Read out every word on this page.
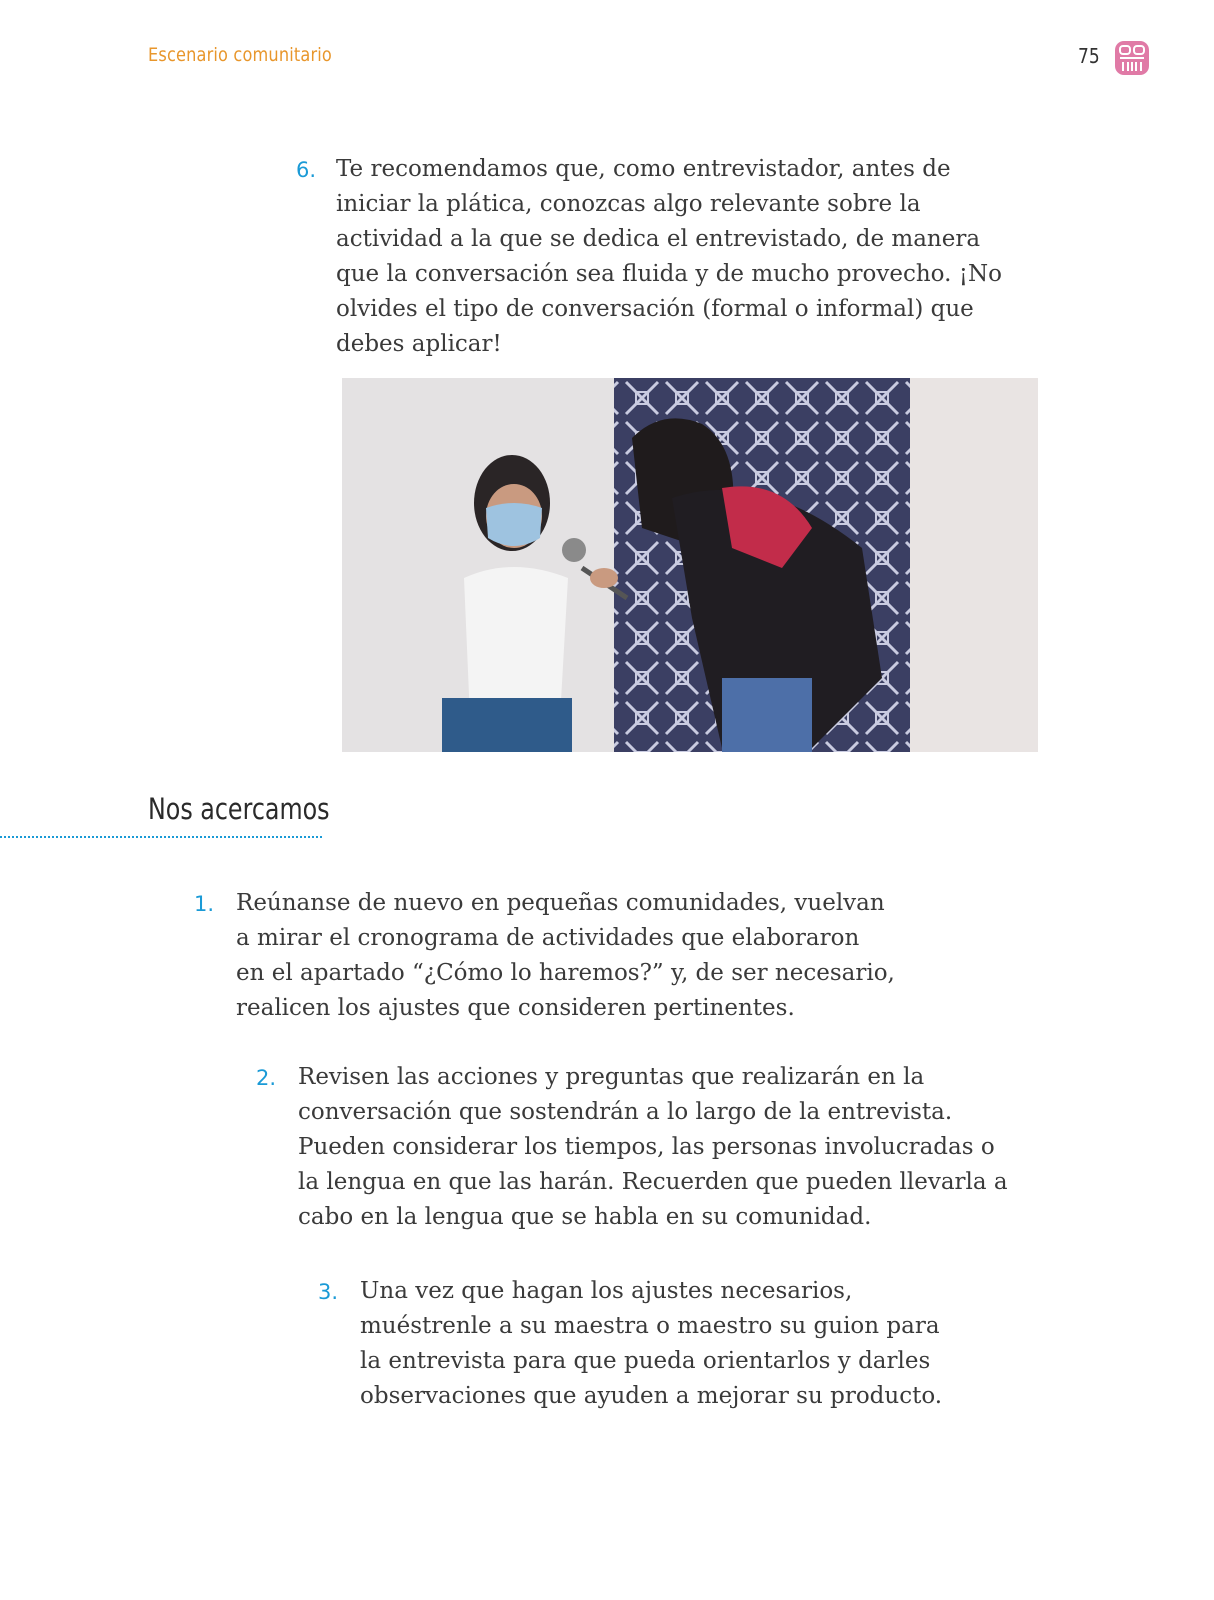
Escenario comunitario	75
6. Te recomendamos que, como entrevistador, antes de
iniciar la plática, conozcas algo relevante sobre la
actividad a la que se dedica el entrevistado, de manera
que la conversación sea fluida y de mucho provecho. ¡No
olvides el tipo de conversación (formal o informal) que
debes aplicar!
Nos acercamos
1. Reúnanse de nuevo en pequeñas comunidades, vuelvan
a mirar el cronograma de actividades que elaboraron
en el apartado “¿Cómo lo haremos?” y, de ser necesario,
realicen los ajustes que consideren pertinentes.
2. Revisen las acciones y preguntas que realizarán en la
conversación que sostendrán a lo largo de la entrevista.
Pueden considerar los tiempos, las personas involucradas o
la lengua en que las harán. Recuerden que pueden llevarla a
cabo en la lengua que se habla en su comunidad.
3. Una vez que hagan los ajustes necesarios,
muéstrenle a su maestra o maestro su guion para
la entrevista para que pueda orientarlos y darles
observaciones que ayuden a mejorar su producto.
